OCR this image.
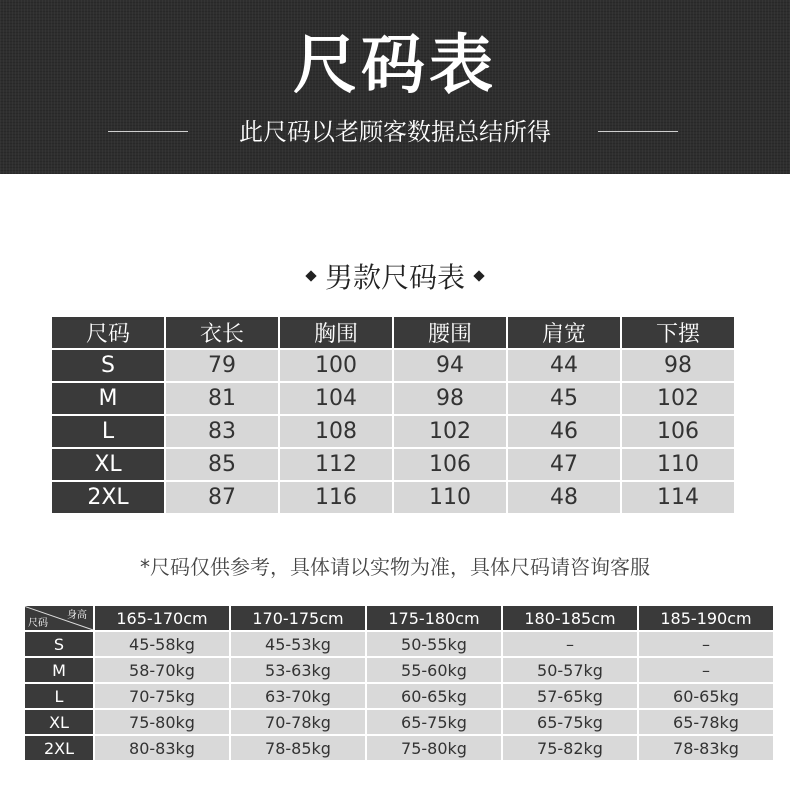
尺码表
此尺码以老顾客数据总结所得
男款尺码表
尺码	衣长	胸围	腰围	肩宽	下摆
S	79	100	94	44	98
M	81	104	98	45	102
L	83	108	102	46	106
XL	85	112	106	47	110
2XL	87	116	110	48	114
*尺码仅供参考，具体请以实物为准，具体尺码请咨询客服
身高
尺码	165-170cm	170-175cm	175-180cm	180-185cm	185-190cm
S	45-58kg	45-53kg	50-55kg	–	–
M	58-70kg	53-63kg	55-60kg	50-57kg	–
L	70-75kg	63-70kg	60-65kg	57-65kg	60-65kg
XL	75-80kg	70-78kg	65-75kg	65-75kg	65-78kg
2XL	80-83kg	78-85kg	75-80kg	75-82kg	78-83kg
